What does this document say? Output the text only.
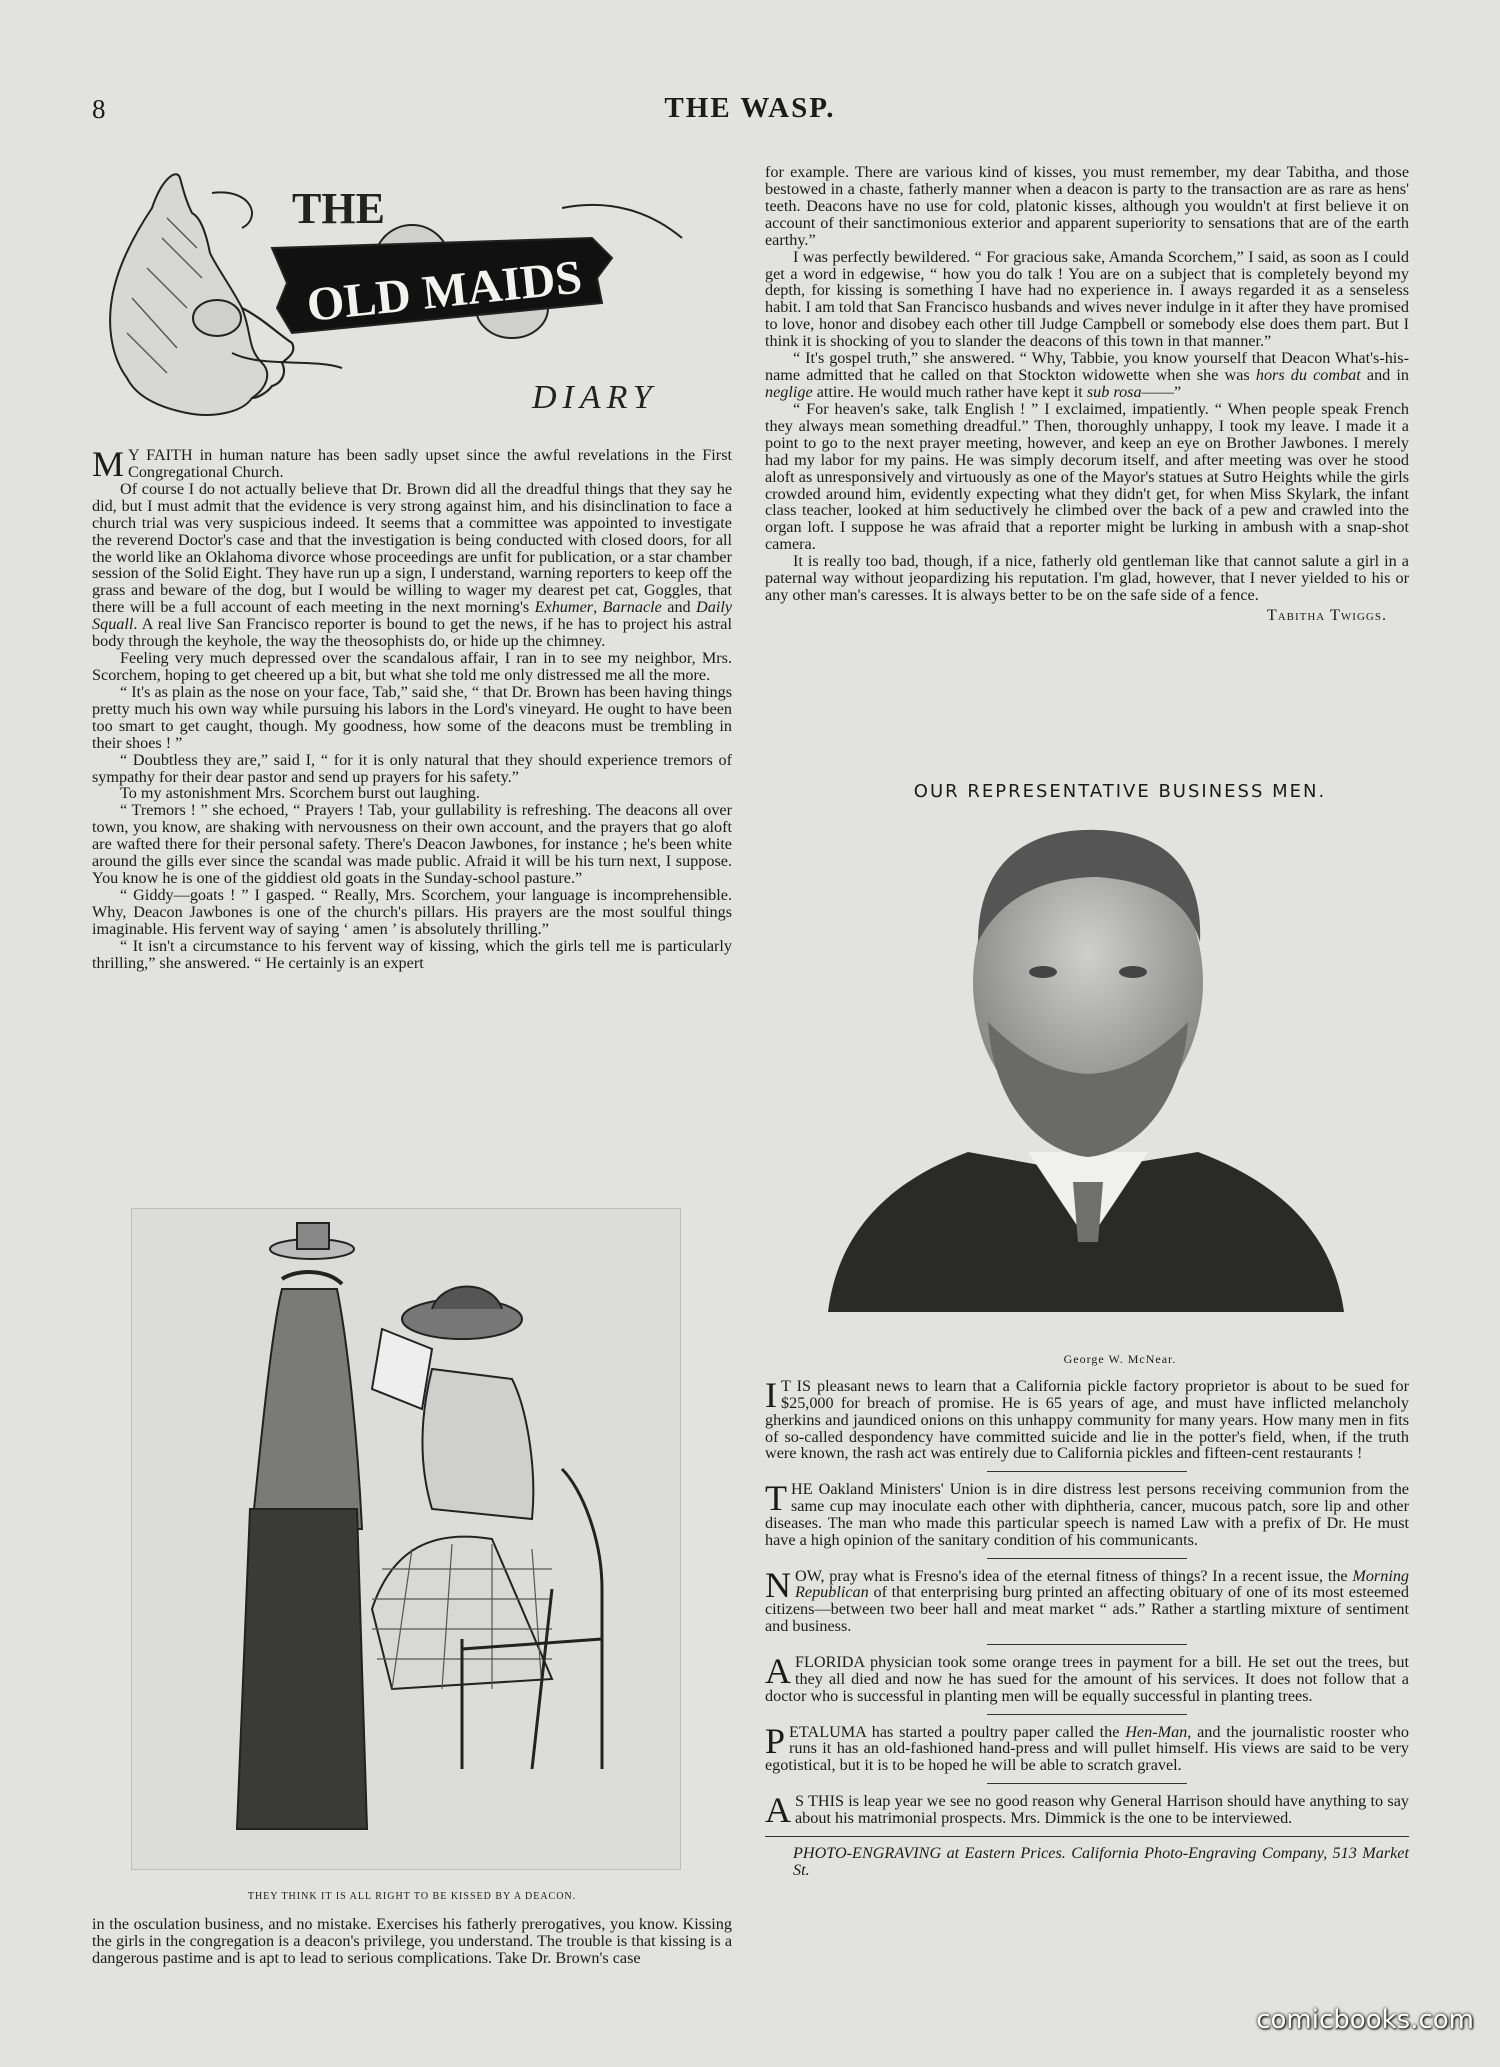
8	THE WASP.
THE
OLD MAIDS
DIARY

M Y FAITH in human nature has been sadly upset since the awful revelations in the First Congregational Church.

Of course I do not actually believe that Dr. Brown did all the dreadful things that they say he did, but I must admit that the evidence is very strong against him, and his disinclination to face a church trial was very suspicious indeed. It seems that a committee was appointed to investigate the reverend Doctor's case and that the investigation is being conducted with closed doors, for all the world like an Oklahoma divorce whose proceedings are unfit for publication, or a star chamber session of the Solid Eight. They have run up a sign, I understand, warning reporters to keep off the grass and beware of the dog, but I would be willing to wager my dearest pet cat, Goggles, that there will be a full account of each meeting in the next morning's Exhumer, Barnacle and Daily Squall. A real live San Francisco reporter is bound to get the news, if he has to project his astral body through the keyhole, the way the theosophists do, or hide up the chimney.

Feeling very much depressed over the scandalous affair, I ran in to see my neighbor, Mrs. Scorchem, hoping to get cheered up a bit, but what she told me only distressed me all the more.

“ It's as plain as the nose on your face, Tab,” said she, “ that Dr. Brown has been having things pretty much his own way while pursuing his labors in the Lord's vineyard. He ought to have been too smart to get caught, though. My goodness, how some of the deacons must be trembling in their shoes ! ”

“ Doubtless they are,” said I, “ for it is only natural that they should experience tremors of sympathy for their dear pastor and send up prayers for his safety.”

To my astonishment Mrs. Scorchem burst out laughing.

“ Tremors ! ” she echoed, “ Prayers ! Tab, your gullability is refreshing. The deacons all over town, you know, are shaking with nervousness on their own account, and the prayers that go aloft are wafted there for their personal safety. There's Deacon Jawbones, for instance ; he's been white around the gills ever since the scandal was made public. Afraid it will be his turn next, I suppose. You know he is one of the giddiest old goats in the Sunday-school pasture.”

“ Giddy—goats ! ” I gasped. “ Really, Mrs. Scorchem, your language is incomprehensible. Why, Deacon Jawbones is one of the church's pillars. His prayers are the most soulful things imaginable. His fervent way of saying ‘ amen ’ is absolutely thrilling.”

“ It isn't a circumstance to his fervent way of kissing, which the girls tell me is particularly thrilling,” she answered. “ He certainly is an expert

THEY THINK IT IS ALL RIGHT TO BE KISSED BY A DEACON.

in the osculation business, and no mistake. Exercises his fatherly prerogatives, you know. Kissing the girls in the congregation is a deacon's privilege, you understand. The trouble is that kissing is a dangerous pastime and is apt to lead to serious complications. Take Dr. Brown's case

for example. There are various kind of kisses, you must remember, my dear Tabitha, and those bestowed in a chaste, fatherly manner when a deacon is party to the transaction are as rare as hens' teeth. Deacons have no use for cold, platonic kisses, although you wouldn't at first believe it on account of their sanctimonious exterior and apparent superiority to sensations that are of the earth earthy.”

I was perfectly bewildered. “ For gracious sake, Amanda Scorchem,” I said, as soon as I could get a word in edgewise, “ how you do talk ! You are on a subject that is completely beyond my depth, for kissing is something I have had no experience in. I aways regarded it as a senseless habit. I am told that San Francisco husbands and wives never indulge in it after they have promised to love, honor and disobey each other till Judge Campbell or somebody else does them part. But I think it is shocking of you to slander the deacons of this town in that manner.”

“ It's gospel truth,” she answered. “ Why, Tabbie, you know yourself that Deacon What's-his-name admitted that he called on that Stockton widowette when she was hors du combat and in neglige attire. He would much rather have kept it sub rosa——”

“ For heaven's sake, talk English ! ” I exclaimed, impatiently. “ When people speak French they always mean something dreadful.” Then, thoroughly unhappy, I took my leave. I made it a point to go to the next prayer meeting, however, and keep an eye on Brother Jawbones. I merely had my labor for my pains. He was simply decorum itself, and after meeting was over he stood aloft as unresponsively and virtuously as one of the Mayor's statues at Sutro Heights while the girls crowded around him, evidently expecting what they didn't get, for when Miss Skylark, the infant class teacher, looked at him seductively he climbed over the back of a pew and crawled into the organ loft. I suppose he was afraid that a reporter might be lurking in ambush with a snap-shot camera.

It is really too bad, though, if a nice, fatherly old gentleman like that cannot salute a girl in a paternal way without jeopardizing his reputation. I'm glad, however, that I never yielded to his or any other man's caresses. It is always better to be on the safe side of a fence.

Tabitha Twiggs.
OUR REPRESENTATIVE BUSINESS MEN.
George W. McNear.
I T IS pleasant news to learn that a California pickle factory proprietor is about to be sued for $25,000 for breach of promise. He is 65 years of age, and must have inflicted melancholy gherkins and jaundiced onions on this unhappy community for many years. How many men in fits of so-called despondency have committed suicide and lie in the potter's field, when, if the truth were known, the rash act was entirely due to California pickles and fifteen-cent restaurants !
THE Oakland Ministers' Union is in dire distress lest persons receiving communion from the same cup may inoculate each other with diphtheria, cancer, mucous patch, sore lip and other diseases. The man who made this particular speech is named Law with a prefix of Dr. He must have a high opinion of the sanitary condition of his communicants.
NOW, pray what is Fresno's idea of the eternal fitness of things? In a recent issue, the Morning Republican of that enterprising burg printed an affecting obituary of one of its most esteemed citizens—between two beer hall and meat market “ ads.” Rather a startling mixture of sentiment and business.
AFLORIDA physician took some orange trees in payment for a bill. He set out the trees, but they all died and now he has sued for the amount of his services. It does not follow that a doctor who is successful in planting men will be equally successful in planting trees.
PETALUMA has started a poultry paper called the Hen-Man, and the journalistic rooster who runs it has an old-fashioned hand-press and will pullet himself. His views are said to be very egotistical, but it is to be hoped he will be able to scratch gravel.
A S THIS is leap year we see no good reason why General Harrison should have anything to say about his matrimonial prospects. Mrs. Dimmick is the one to be interviewed.
PHOTO-ENGRAVING at Eastern Prices. California Photo-Engraving Company, 513 Market St.
comicbooks.com
